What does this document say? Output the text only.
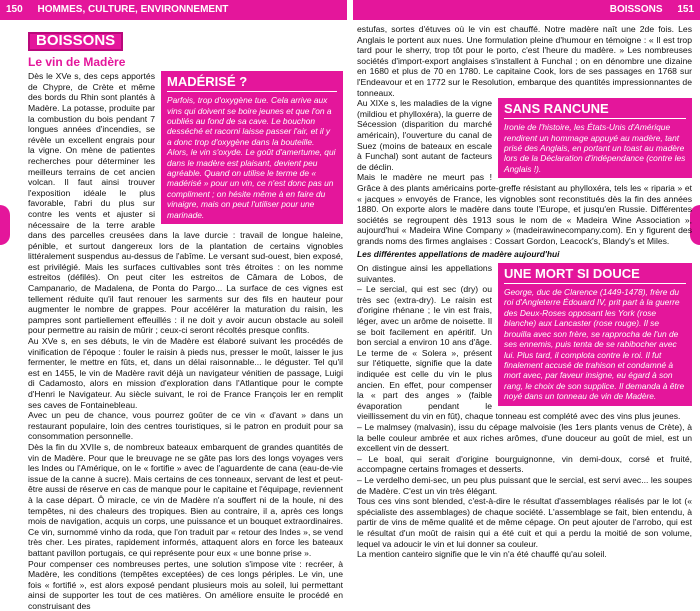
150 HOMMES, CULTURE, ENVIRONNEMENT	BOISSONS 151
BOISSONS
Le vin de Madère
MADÉRISÉ ?

Parfois, trop d'oxygène tue. Cela arrive aux vins qui doivent se boire jeunes et que l'on a oubliés au fond de sa cave. Le bouchon desséché et racorni laisse passer l'air, et il y a donc trop d'oxygène dans la bouteille. Alors, le vin s'oxyde. Le goût d'amertume, qui dans le madère est plaisant, devient peu agréable. Quand on utilise le terme de « madérisé » pour un vin, ce n'est donc pas un compliment ; on hésite même à en faire du vinaigre, mais on peut l'utiliser pour une marinade.

Dès le XVe s, des ceps apportés de Chypre, de Crète et même des bords du Rhin sont plantés à Madère. La potasse, produite par la combustion du bois pendant 7 longues années d'incendies, se révèle un excellent engrais pour la vigne. On mène de patientes recherches pour déterminer les meilleurs terrains de cet ancien volcan. Il faut ainsi trouver l'exposition idéale le plus favorable, l'abri du plus sur contre les vents et ajuster si nécessaire de la terre arable dans des parcelles creusées dans la lave durcie : travail de longue haleine, pénible, et surtout dangereux lors de la plantation de certains vignobles littéralement suspendus au-dessus de l'abîme. Le versant sud-ouest, bien exposé, est privilégié. Mais les surfaces cultivables sont très étroites : on les nomme estreitos (défilés). On peut citer les estreitos de Câmara de Lobos, de Campanario, de Madalena, de Ponta do Pargo... La surface de ces vignes est tellement réduite qu'il faut renouer les sarments sur des fils en hauteur pour augmenter le nombre de grappes. Pour accélérer la maturation du raisin, les pampres sont partiellement effeuillés : il ne doit y avoir aucun obstacle au soleil pour permettre au raisin de mûrir ; ceux-ci seront récoltés presque confits.

Au XVe s, en ses débuts, le vin de Madère est élaboré suivant les procédés de vinification de l'époque : fouler le raisin à pieds nus, presser le moût, laisser le jus fermenter, le mettre en fûts, et, dans un délai raisonnable... le déguster. Tel qu'il est en 1455, le vin de Madère ravit déjà un navigateur vénitien de passage, Luigi di Cadamosto, alors en mission d'exploration dans l'Atlantique pour le compte d'Henri le Navigateur. Au siècle suivant, le roi de France François Ier en remplit ses caves de Fontainebleau.

Avec un peu de chance, vous pourrez goûter de ce vin « d'avant » dans un restaurant populaire, loin des centres touristiques, si le patron en produit pour sa consommation personnelle.

Dès la fin du XVIIe s, de nombreux bateaux embarquent de grandes quantités de vin de Madère. Pour que le breuvage ne se gâte pas lors des longs voyages vers les Indes ou l'Amérique, on le « fortifie » avec de l'aguardente de cana (eau-de-vie issue de la canne à sucre). Mais certains de ces tonneaux, servant de lest et peut-être aussi de réserve en cas de manque pour le capitaine et l'équipage, reviennent à la case départ. Ô miracle, ce vin de Madère n'a souffert ni de la houle, ni des tempêtes, ni des chaleurs des tropiques. Bien au contraire, il a, après ces longs mois de navigation, acquis un corps, une puissance et un bouquet extraordinaires. Ce vin, surnommé vinho da roda, que l'on traduit par « retour des Indes », se vend très cher. Les pirates, rapidement informés, attaquent alors en force les bateaux battant pavillon portugais, ce qui représente pour eux « une bonne prise ».

Pour compenser ces nombreuses pertes, une solution s'impose vite : recréer, à Madère, les conditions (tempêtes exceptées) de ces longs périples. Le vin, une fois « fortifié », est alors exposé pendant plusieurs mois au soleil, lui permettant ainsi de supporter les tout de ces matières. On améliore ensuite le procédé en construisant des

estufas, sortes d'étuves où le vin est chauffé. Notre madère naît une 2de fois. Les Anglais le portent aux nues. Une formulation pleine d'humour en témoigne : « Il est trop tard pour le sherry, trop tôt pour le porto, c'est l'heure du madère. » Les nombreuses sociétés d'import-export anglaises s'installent à Funchal ; on en dénombre une dizaine en 1680 et plus de 70 en 1780. Le capitaine Cook, lors de ses passages en 1768 sur l'Endeavour et en 1772 sur le Resolution, embarque des quantités impressionnantes de tonneaux.

SANS RANCUNE

Ironie de l'histoire, les États-Unis d'Amérique rendirent un hommage appuyé au madère, tant prisé des Anglais, en portant un toast au madère lors de la Déclaration d'indépendance (contre les Anglais !).

Au XIXe s, les maladies de la vigne (mildiou et phylloxéra), la guerre de Sécession (disparition du marché américain), l'ouverture du canal de Suez (moins de bateaux en escale à Funchal) sont autant de facteurs de déclin.

Mais le madère ne meurt pas ! Grâce à des plants américains porte-greffe résistant au phylloxéra, tels les « riparia » et « jacques » envoyés de France, les vignobles sont reconstitués dès la fin des années 1880. On exporte alors le madère dans toute l'Europe, et jusqu'en Russie. Différentes sociétés se regroupent dès 1913 sous le nom de « Madeira Wine Association », aujourd'hui « Madeira Wine Company » (madeirawinecompany.com). En y figurent des grands noms des firmes anglaises : Cossart Gordon, Leacock's, Blandy's et Miles.

Les différentes appellations de madère aujourd'hui
UNE MORT SI DOUCE

George, duc de Clarence (1449-1478), frère du roi d'Angleterre Édouard IV, prit part à la guerre des Deux-Roses opposant les York (rose blanche) aux Lancaster (rose rouge). Il se brouilla avec son frère, se rapprocha de l'un de ses ennemis, puis tenta de se rabibocher avec lui. Plus tard, il complota contre le roi. Il fut finalement accusé de trahison et condamné à mort avec, par faveur insigne, eu égard à son rang, le choix de son supplice. Il demanda à être noyé dans un tonneau de vin de Madère.

On distingue ainsi les appellations suivantes.

– Le sercial, qui est sec (dry) ou très sec (extra-dry). Le raisin est d'origine rhénane ; le vin est frais, léger, avec un arôme de noisette. Il se boit facilement en apéritif. Un bon sercial a environ 10 ans d'âge. Le terme de « Solera », présent sur l'étiquette, signifie que la date indiquée est celle du vin le plus ancien. En effet, pour compenser la « part des anges » (faible évaporation pendant le vieillissement du vin en fût), chaque tonneau est complété avec des vins plus jeunes.

– Le malmsey (malvasin), issu du cépage malvoisie (les 1ers plants venus de Crète), à la belle couleur ambrée et aux riches arômes, d'une douceur au goût de miel, est un excellent vin de dessert.

– Le boal, qui serait d'origine bourguignonne, vin demi-doux, corsé et fruité, accompagne certains fromages et desserts.

– Le verdelho demi-sec, un peu plus puissant que le sercial, est servi avec... les soupes de Madère. C'est un vin très élégant.

Tous ces vins sont blended, c'est-à-dire le résultat d'assemblages réalisés par le lot (« spécialiste des assemblages) de chaque société. L'assemblage se fait, bien entendu, à partir de vins de même qualité et de même cépage. On peut ajouter de l'arrobo, qui est le résultat d'un moût de raisin qui a été cuit et qui a perdu la moitié de son volume, lequel va adoucir le vin et lui donner sa couleur.

La mention canteiro signifie que le vin n'a été chauffé qu'au soleil.
